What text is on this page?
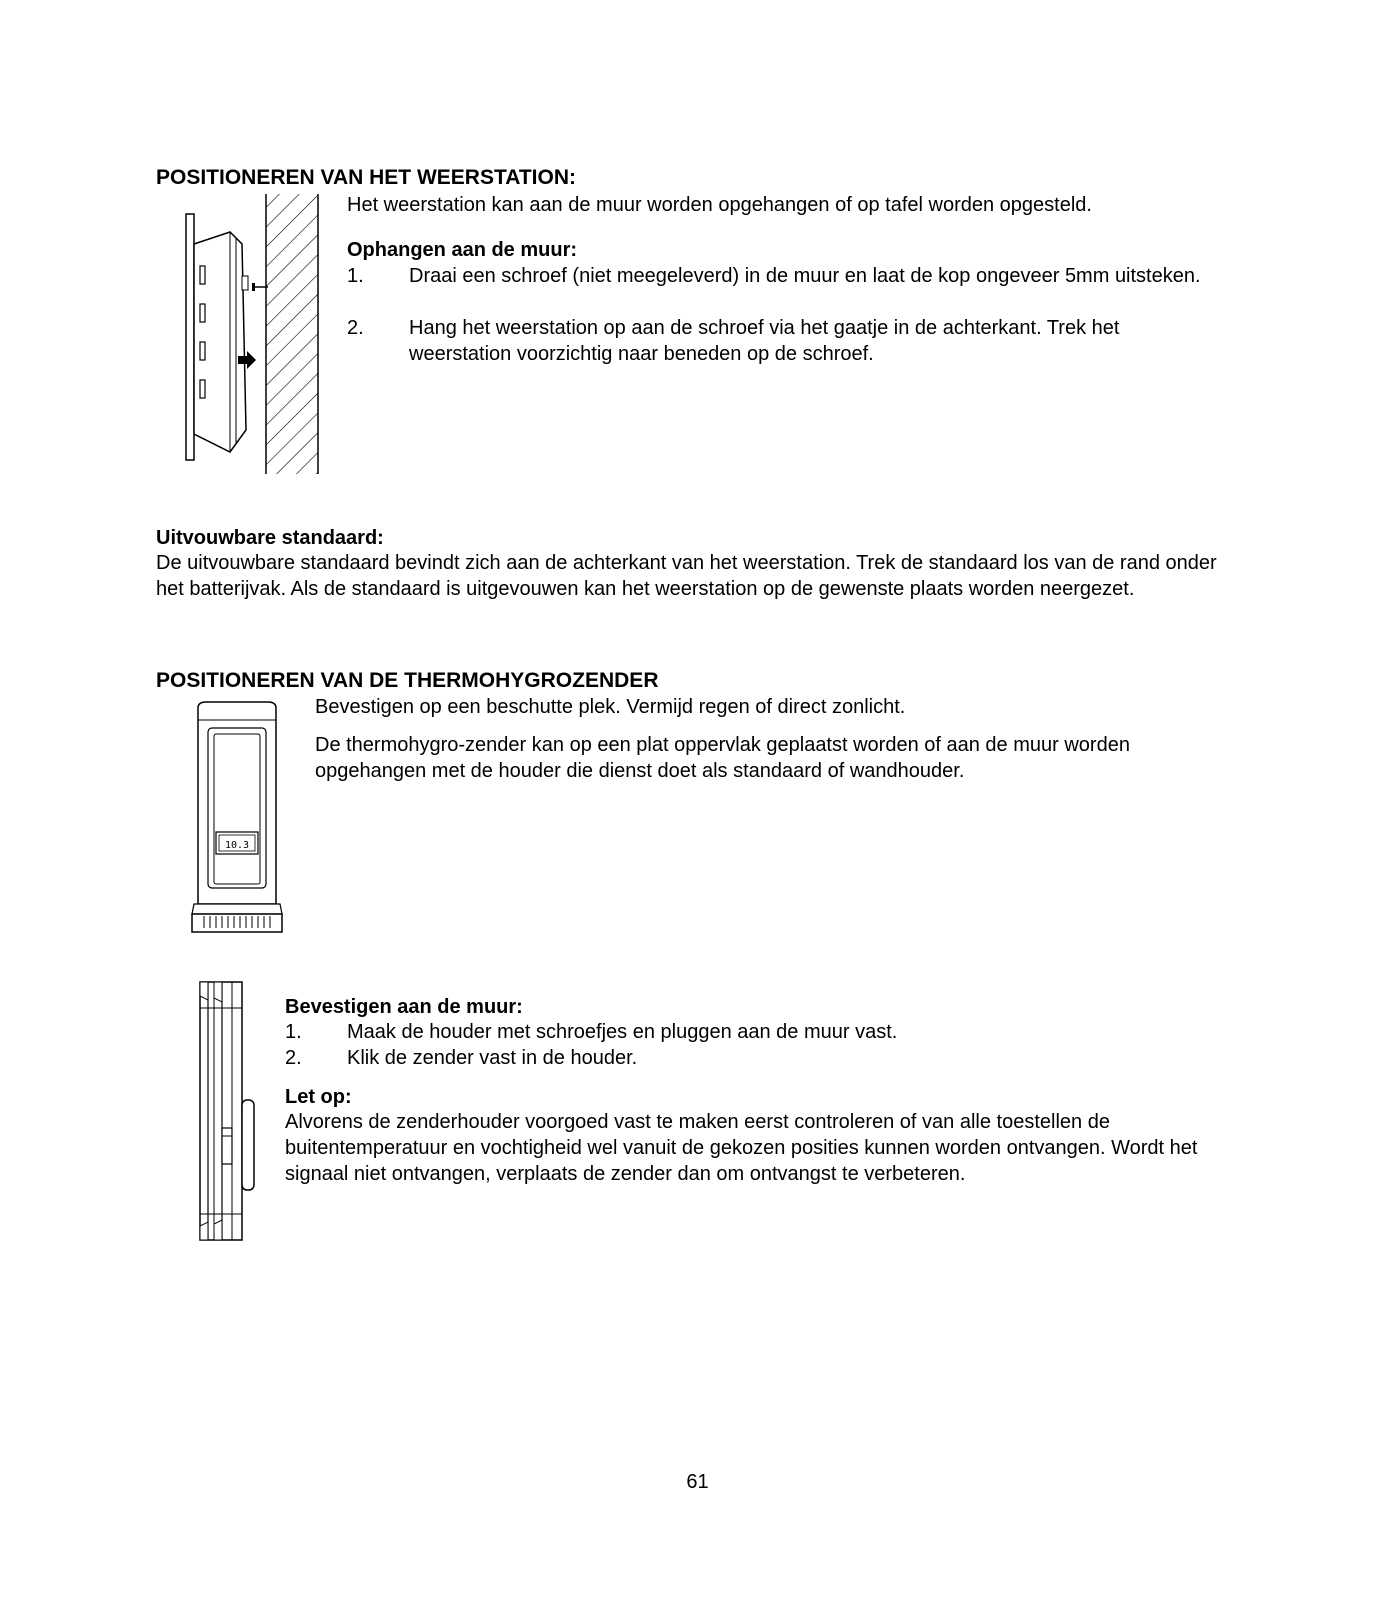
POSITIONEREN VAN HET WEERSTATION:
Het weerstation kan aan de muur worden opgehangen of op tafel worden opgesteld.
Ophangen aan de muur:
1. Draai een schroef (niet meegeleverd) in de muur en laat de kop ongeveer 5mm uitsteken.
2. Hang het weerstation op aan de schroef via het gaatje in de achterkant. Trek het weerstation voorzichtig naar beneden op de schroef.
Uitvouwbare standaard:
De uitvouwbare standaard bevindt zich aan de achterkant van het weerstation. Trek de standaard los van de rand onder het batterijvak. Als de standaard is uitgevouwen kan het weerstation op de gewenste plaats worden neergezet.
POSITIONEREN VAN DE THERMOHYGROZENDER
10.3
Bevestigen op een beschutte plek. Vermijd regen of direct zonlicht.
De thermohygro-zender kan op een plat oppervlak geplaatst worden of aan de muur worden opgehangen met de houder die dienst doet als standaard of wandhouder.
Bevestigen aan de muur:
1. Maak de houder met schroefjes en pluggen aan de muur vast.
2. Klik de zender vast in de houder.
Let op:
Alvorens de zenderhouder voorgoed vast te maken eerst controleren of van alle toestellen de buitentemperatuur en vochtigheid wel vanuit de gekozen posities kunnen worden ontvangen. Wordt het signaal niet ontvangen, verplaats de zender dan om ontvangst te verbeteren.
61
